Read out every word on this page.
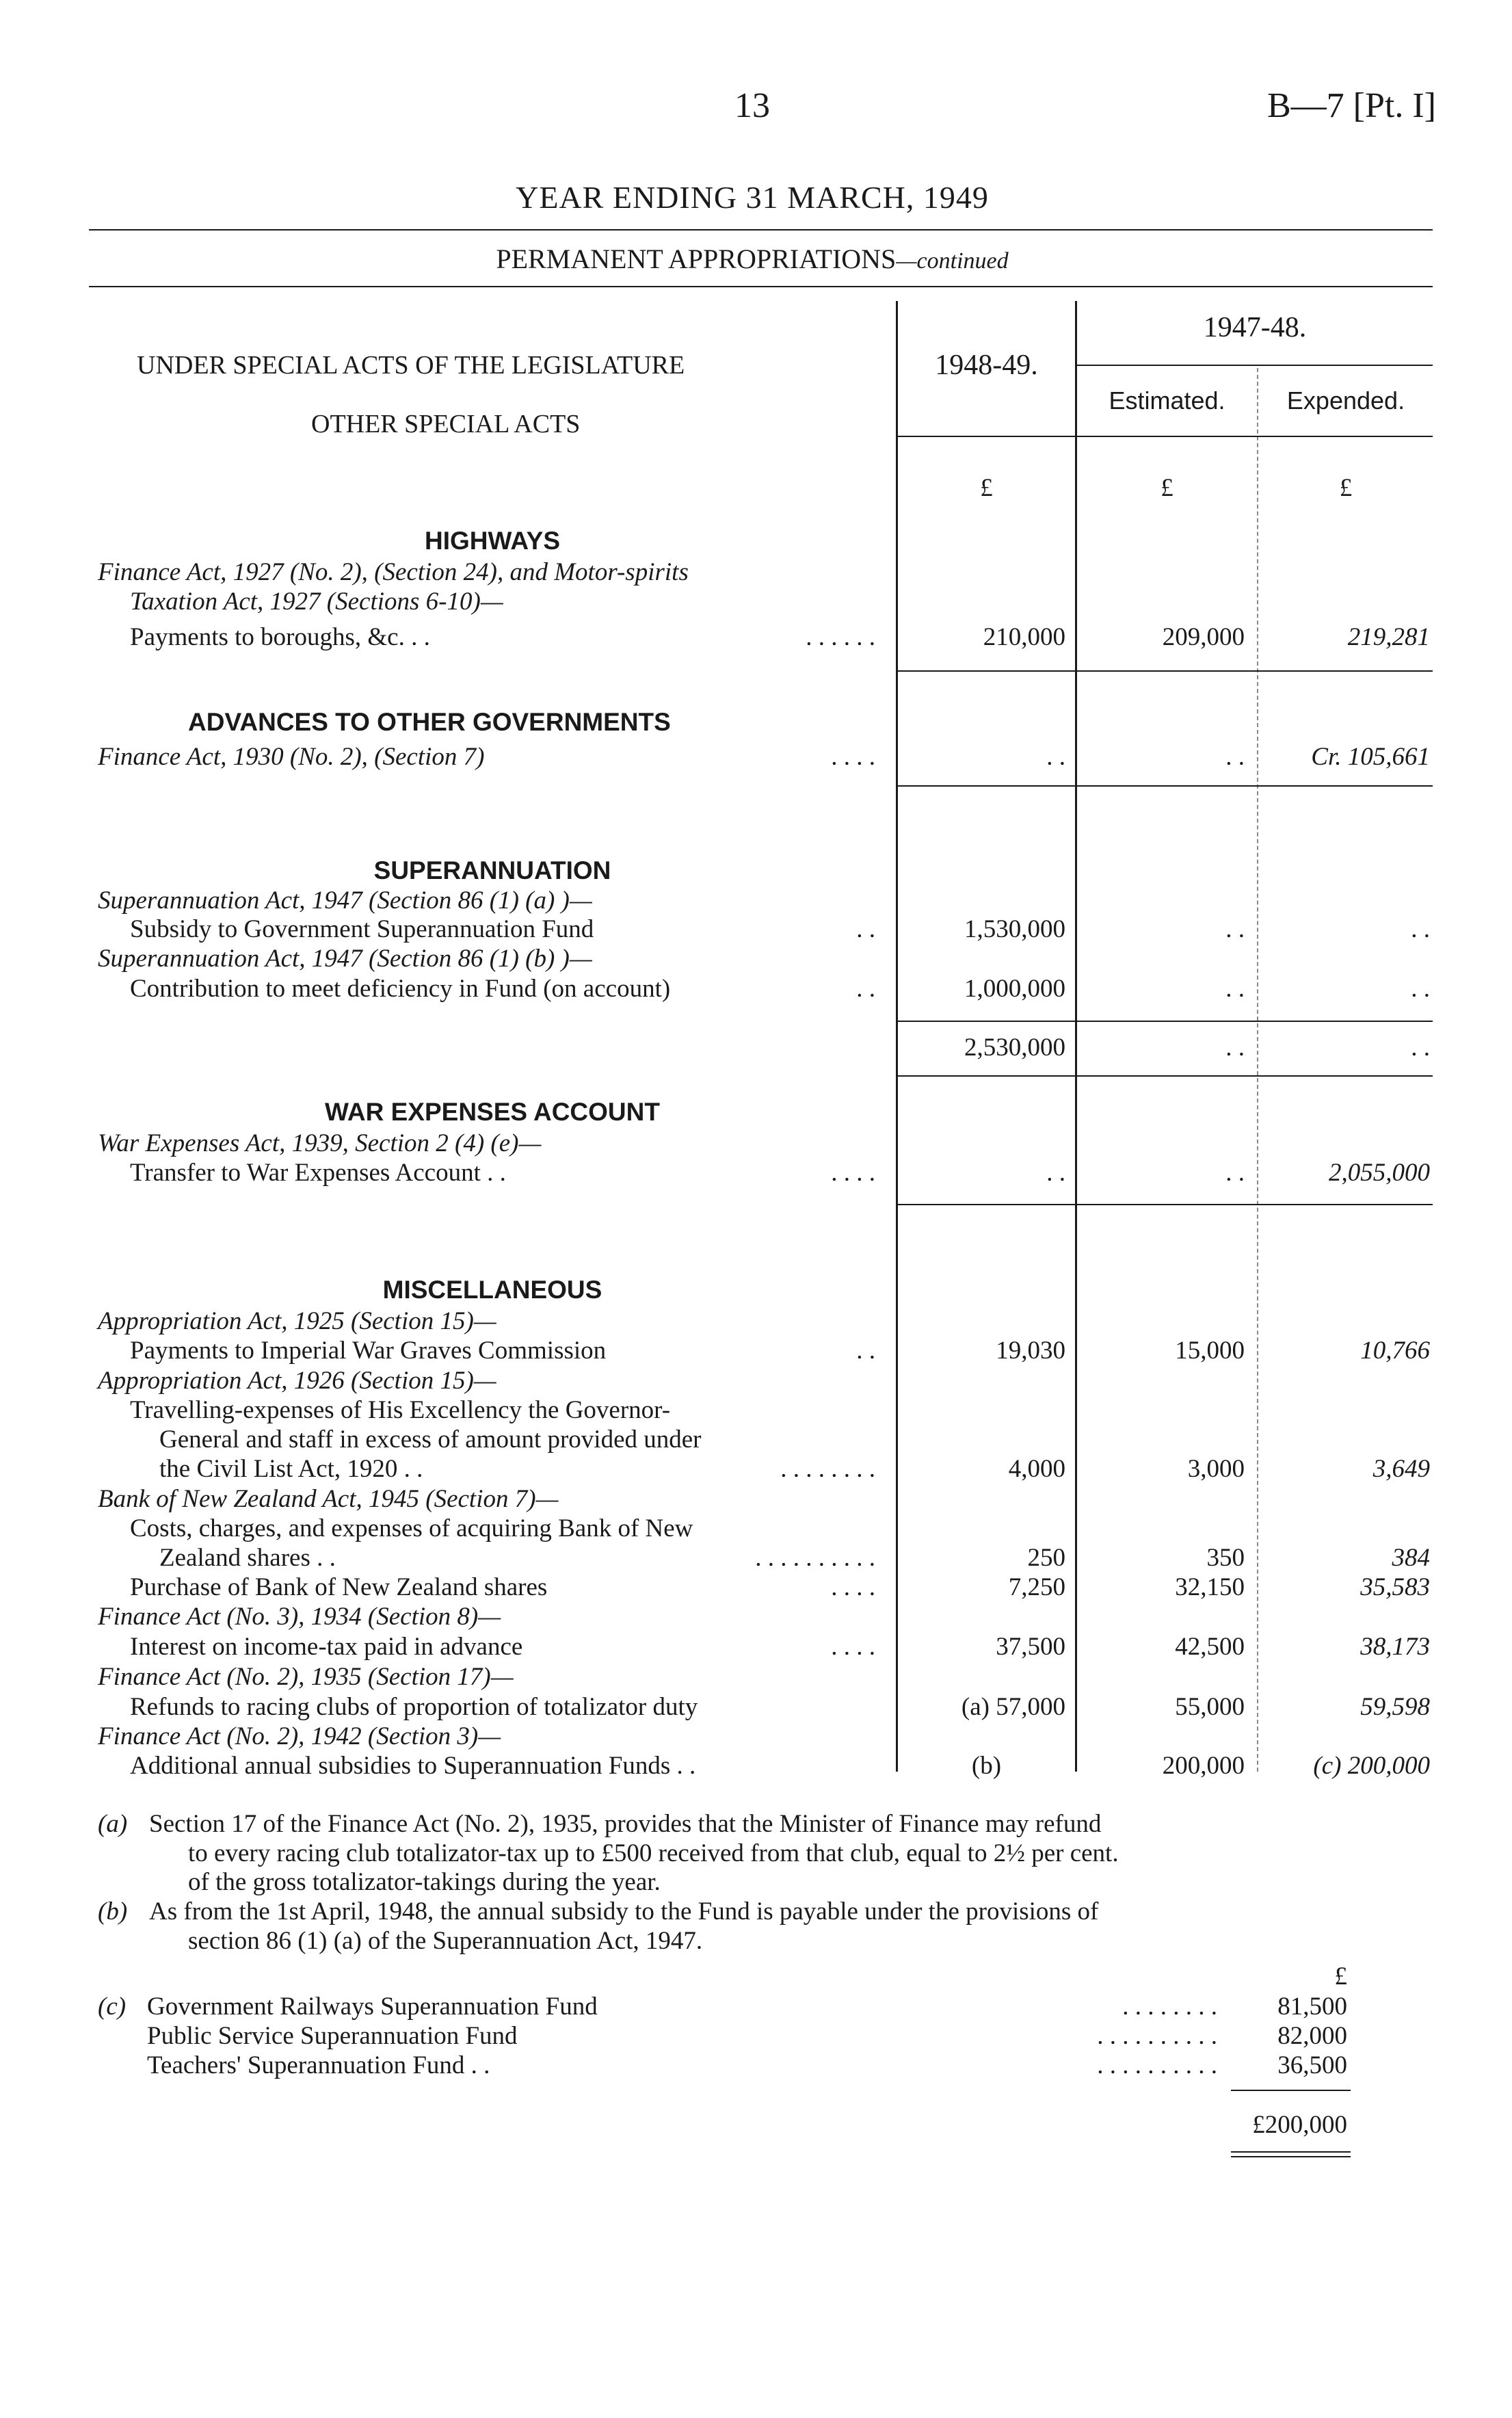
13	B—7 [Pt. I]
YEAR ENDING 31 MARCH, 1949
PERMANENT APPROPRIATIONS—continued
UNDER SPECIAL ACTS OF THE LEGISLATURE
OTHER SPECIAL ACTS
1948-49.
1947-48.
Estimated.	Expended.
£	£	£
HIGHWAYS
Finance Act, 1927 (No. 2), (Section 24), and Motor-spirits
Taxation Act, 1927 (Sections 6-10)—
Payments to boroughs, &c. . .	. . . . . .	210,000	209,000	219,281
ADVANCES TO OTHER GOVERNMENTS
Finance Act, 1930 (No. 2), (Section 7)	. . . .	. .	. .	Cr. 105,661
SUPERANNUATION
Superannuation Act, 1947 (Section 86 (1) (a) )—
Subsidy to Government Superannuation Fund	. .	1,530,000	. .	. .
Superannuation Act, 1947 (Section 86 (1) (b) )—
Contribution to meet deficiency in Fund (on account)	. .	1,000,000	. .	. .
2,530,000	. .	. .
WAR EXPENSES ACCOUNT
War Expenses Act, 1939, Section 2 (4) (e)—
Transfer to War Expenses Account . .	. . . .	. .	. .	2,055,000
MISCELLANEOUS
Appropriation Act, 1925 (Section 15)—
Payments to Imperial War Graves Commission	. .	19,030	15,000	10,766
Appropriation Act, 1926 (Section 15)—
Travelling-expenses of His Excellency the Governor-
General and staff in excess of amount provided under
the Civil List Act, 1920 . .	. . . . . . . .	4,000	3,000	3,649
Bank of New Zealand Act, 1945 (Section 7)—
Costs, charges, and expenses of acquiring Bank of New
Zealand shares . .	. . . . . . . . . .	250	350	384
Purchase of Bank of New Zealand shares	. . . .	7,250	32,150	35,583
Finance Act (No. 3), 1934 (Section 8)—
Interest on income-tax paid in advance	. . . .	37,500	42,500	38,173
Finance Act (No. 2), 1935 (Section 17)—
Refunds to racing clubs of proportion of totalizator duty	(a) 57,000	55,000	59,598
Finance Act (No. 2), 1942 (Section 3)—
Additional annual subsidies to Superannuation Funds . .	(b)	200,000	(c) 200,000
(a) Section 17 of the Finance Act (No. 2), 1935, provides that the Minister of Finance may refund
to every racing club totalizator-tax up to £500 received from that club, equal to 2½ per cent.
of the gross totalizator-takings during the year.
(b) As from the 1st April, 1948, the annual subsidy to the Fund is payable under the provisions of
section 86 (1) (a) of the Superannuation Act, 1947.
£
(c) Government Railways Superannuation Fund	. . . . . . . .	81,500
Public Service Superannuation Fund	. . . . . . . . . .	82,000
Teachers' Superannuation Fund . .	. . . . . . . . . .	36,500
£200,000
